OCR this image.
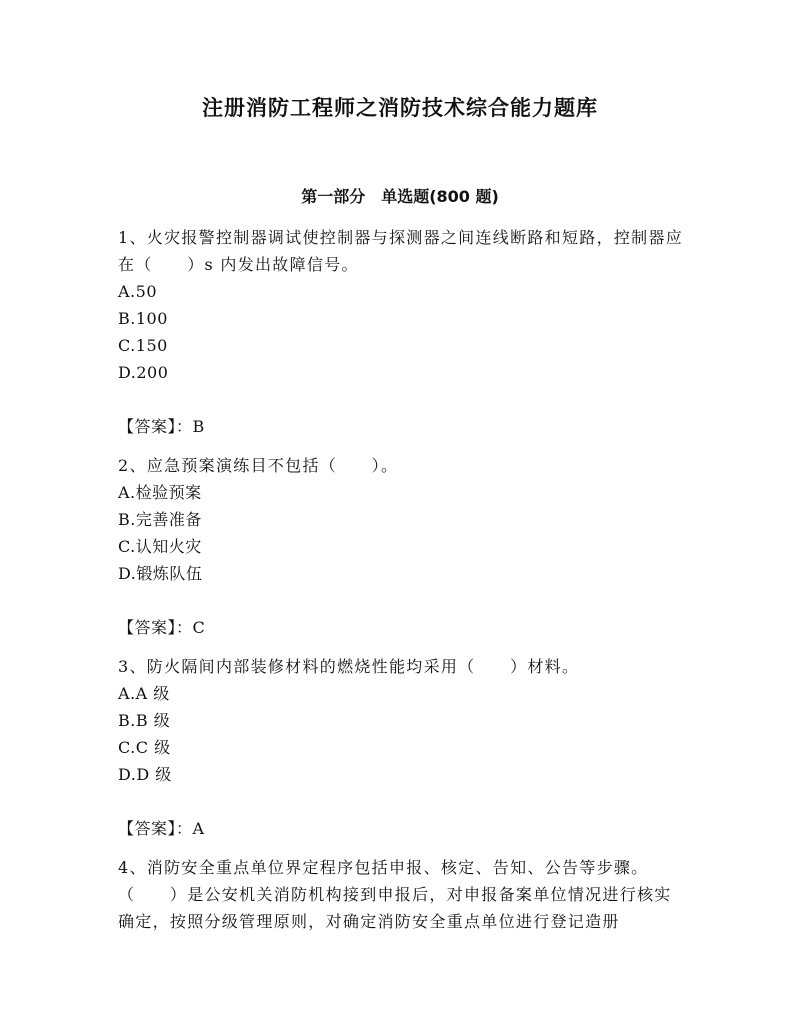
注册消防工程师之消防技术综合能力题库
第一部分　单选题(800 题)

1、火灾报警控制器调试使控制器与探测器之间连线断路和短路，控制器应在（　　）s 内发出故障信号。

A.50

B.100

C.150

D.200

【答案】：B

2、应急预案演练目不包括（　　）。

A.检验预案

B.完善准备

C.认知火灾

D.锻炼队伍

【答案】：C

3、防火隔间内部装修材料的燃烧性能均采用（　　）材料。

A.A 级

B.B 级

C.C 级

D.D 级

【答案】：A

4、消防安全重点单位界定程序包括申报、核定、告知、公告等步骤。（　　）是公安机关消防机构接到申报后，对申报备案单位情况进行核实确定，按照分级管理原则，对确定消防安全重点单位进行登记造册
